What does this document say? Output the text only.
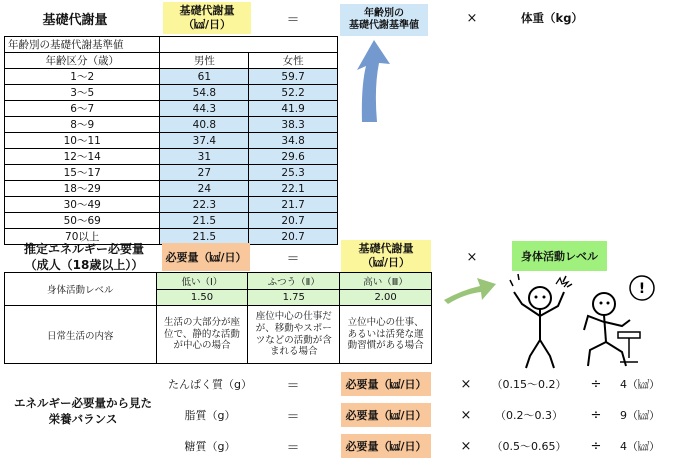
基礎代謝量
基礎代謝量
（㎉/日）	＝	年齢別の
基礎代謝基準値	×	体重（kg）
年齢別の基礎代謝基準値		
年齢区分（歳）	男性	女性
1～2	61	59.7
3～5	54.8	52.2
6～7	44.3	41.9
8～9	40.8	38.3
10～11	37.4	34.8
12～14	31	29.6
15～17	27	25.3
18～29	24	22.1
30～49	22.3	21.7
50～69	21.5	20.7
70以上	21.5	20.7
推定エネルギー必要量
（成人（18歳以上））
必要量（㎉/日）	＝
基礎代謝量
（㎉/日）	×	身体活動レベル
身体活動レベル	低い（Ⅰ）	ふつう（Ⅱ）	高い（Ⅲ）
	1.50	1.75	2.00
日常生活の内容	生活の大部分が座位で、静的な活動が中心の場合	座位中心の仕事だが、移動やスポーツなどの活動が含まれる場合	立位中心の仕事、あるいは活発な運動習慣がある場合
!
エネルギー必要量から見た
栄養バランス
たんぱく質（g）	＝	必要量（㎉/日）	×	（0.15～0.2）	÷	4（㎉）
脂質（g）	＝	必要量（㎉/日）	×	（0.2～0.3）	÷	9（㎉）
糖質（g）	＝	必要量（㎉/日）	×	（0.5～0.65）	÷	4（㎉）
